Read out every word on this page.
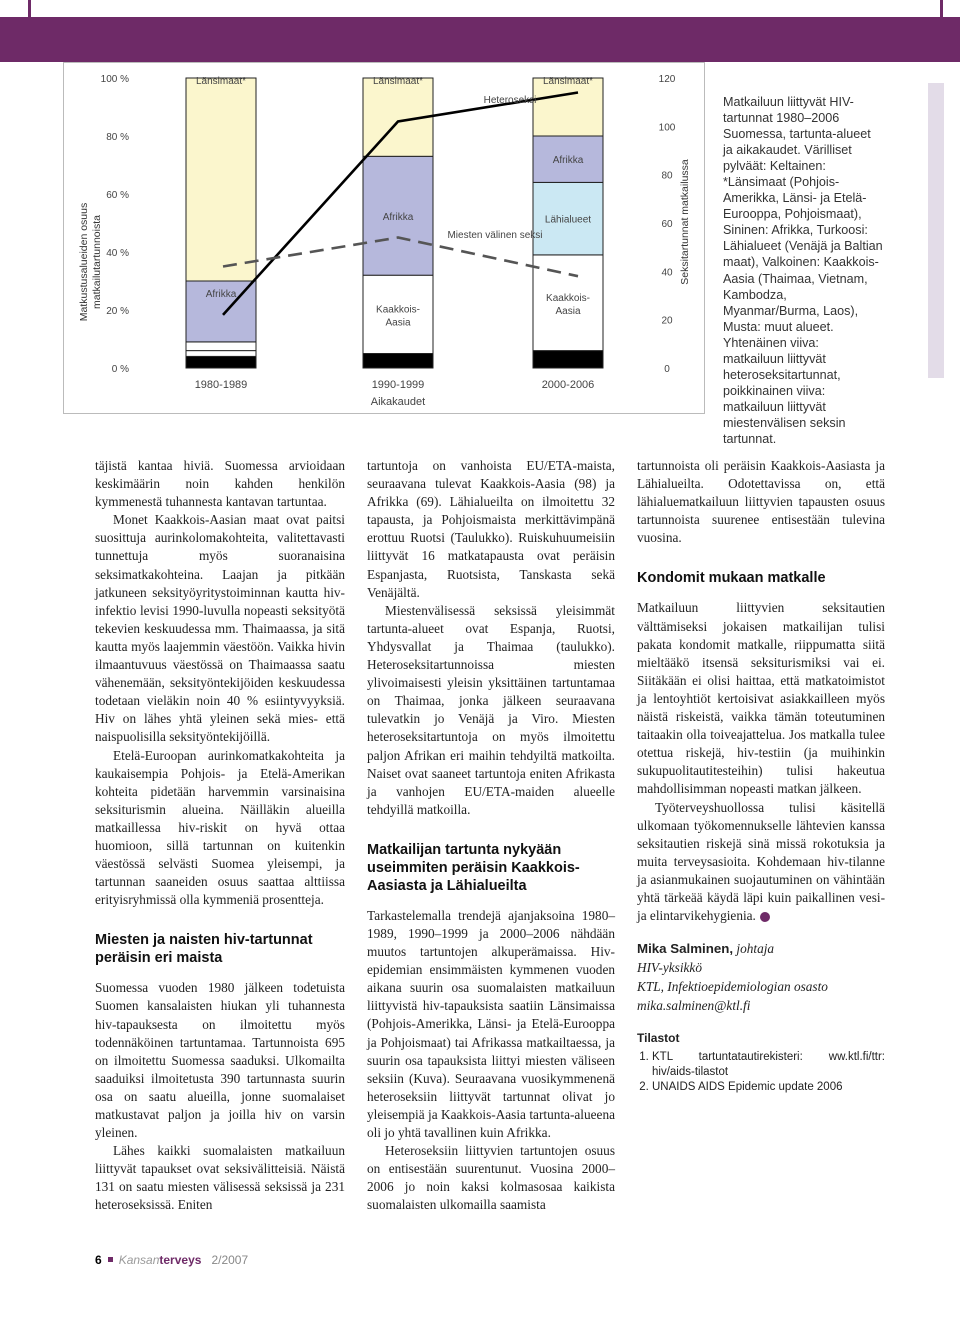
0 %
20 %
40 %
60 %
80 %
100 %
0
20
40
60
80
100
120
Matkustusalueiden osuus matkailutartunnoista	Seksitartunnat matkailussa
Afrikka
Länsimaat*
Kaakkois-
Aasia
Afrikka
Länsimaat*
Kaakkois-
Aasia
Lähialueet
Afrikka
Länsimaat*
1980-1989	1990-1999	2000-2006
Aikakaudet
Heteroseksi
Miesten välinen seksi
Matkailuun liittyvät HIV-tartunnat 1980–2006 Suomessa, tartunta-alueet ja aikakaudet. Värilliset pylväät: Keltainen: *Länsimaat (Pohjois-Amerikka, Länsi- ja Etelä-Eurooppa, Pohjoismaat), Sininen: Afrikka, Turkoosi: Lähialueet (Venäjä ja Baltian maat), Valkoinen: Kaakkois-Aasia (Thaimaa, Vietnam, Kambodza, Myanmar/Burma, Laos), Musta: muut alueet. Yhtenäinen viiva: matkailuun liittyvät heteroseksitartunnat, poikkinainen viiva: matkailuun liittyvät miestenvälisen seksin tartunnat.

täjistä kantaa hiviä. Suomessa arvioidaan keskimäärin noin kahden henkilön kymmenestä tuhannesta kantavan tartuntaa.

Monet Kaakkois-Aasian maat ovat paitsi suosittuja aurinkolomakohteita, valitettavasti tunnettuja myös suoranaisina seksimatkakohteina. Laajan ja pitkään jatkuneen seksityöyritystoiminnan kautta hiv-infektio levisi 1990-luvulla nopeasti seksityötä tekevien keskuudessa mm. Thaimaassa, ja sitä kautta myös laajemmin väestöön. Vaikka hivin ilmaantuvuus väestössä on Thaimaassa saatu vähenemään, seksityöntekijöiden keskuudessa todetaan vieläkin noin 40 % esiintyvyyksiä. Hiv on lähes yhtä yleinen sekä mies- että naispuolisilla seksityöntekijöillä.

Etelä-Euroopan aurinkomatkakohteita ja kaukaisempia Pohjois- ja Etelä-Amerikan kohteita pidetään harvemmin varsinaisina seksiturismin alueina. Näilläkin alueilla matkaillessa hiv-riskit on hyvä ottaa huomioon, sillä tartunnan on kuitenkin väestössä selvästi Suomea yleisempi, ja tartunnan saaneiden osuus saattaa alttiissa erityisryhmissä olla kymmeniä prosentteja.

Miesten ja naisten hiv-tartunnat peräisin eri maista

Suomessa vuoden 1980 jälkeen todetuista Suomen kansalaisten hiukan yli tuhannesta hiv-tapauksesta on ilmoitettu myös todennäköinen tartuntamaa. Tartunnoista 695 on ilmoitettu Suomessa saaduksi. Ulkomailta saaduiksi ilmoitetusta 390 tartunnasta suurin osa on saatu alueilla, jonne suomalaiset matkustavat paljon ja joilla hiv on varsin yleinen.

Lähes kaikki suomalaisten matkailuun liittyvät tapaukset ovat seksivälitteisiä. Näistä 131 on saatu miesten välisessä seksissä ja 231 heteroseksissä. Eniten

tartuntoja on vanhoista EU/ETA-maista, seuraavana tulevat Kaakkois-Aasia (98) ja Afrikka (69). Lähialueilta on ilmoitettu 32 tapausta, ja Pohjoismaista merkittävimpänä erottuu Ruotsi (Taulukko). Ruiskuhuumeisiin liittyvät 16 matkatapausta ovat peräisin Espanjasta, Ruotsista, Tanskasta sekä Venäjältä.

Miestenvälisessä seksissä yleisimmät tartunta-alueet ovat Espanja, Ruotsi, Yhdysvallat ja Thaimaa (taulukko). Heteroseksitartunnoissa miesten ylivoimaisesti yleisin yksittäinen tartuntamaa on Thaimaa, jonka jälkeen seuraavana tulevatkin jo Venäjä ja Viro. Miesten heteroseksitartuntoja on myös ilmoitettu paljon Afrikan eri maihin tehdyiltä matkoilta. Naiset ovat saaneet tartuntoja eniten Afrikasta ja vanhojen EU/ETA-maiden alueelle tehdyillä matkoilla.

Matkailijan tartunta nykyään useimmiten peräisin Kaakkois-Aasiasta ja Lähialueilta

Tarkastelemalla trendejä ajanjaksoina 1980–1989, 1990–1999 ja 2000–2006 nähdään muutos tartuntojen alkuperämaissa. Hiv-epidemian ensimmäisten kymmenen vuoden aikana suurin osa suomalaisten matkailuun liittyvistä hiv-tapauksista saatiin Länsimaissa (Pohjois-Amerikka, Länsi- ja Etelä-Eurooppa ja Pohjoismaat) tai Afrikassa matkailtaessa, ja suurin osa tapauksista liittyi miesten väliseen seksiin (Kuva). Seuraavana vuosikymmenenä heteroseksiin liittyvät tartunnat olivat jo yleisempiä ja Kaakkois-Aasia tartunta-alueena oli jo yhtä tavallinen kuin Afrikka.

Heteroseksiin liittyvien tartuntojen osuus on entisestään suurentunut. Vuosina 2000–2006 jo noin kaksi kolmasosaa kaikista suomalaisten ulkomailla saamista

tartunnoista oli peräisin Kaakkois-Aasiasta ja Lähialueilta. Odotettavissa on, että lähialuematkailuun liittyvien tapausten osuus tartunnoista suurenee entisestään tulevina vuosina.

Kondomit mukaan matkalle

Matkailuun liittyvien seksitautien välttämiseksi jokaisen matkailijan tulisi pakata kondomit matkalle, riippumatta siitä mieltääkö itsensä seksiturismiksi vai ei. Siitäkään ei olisi haittaa, että matkatoimistot ja lentoyhtiöt kertoisivat asiakkailleen myös näistä riskeistä, vaikka tämän toteutuminen taitaakin olla toiveajattelua. Jos matkalla tulee otettua riskejä, hiv-testiin (ja muihinkin sukupuolitautitesteihin) tulisi hakeutua mahdollisimman nopeasti matkan jälkeen.

Työterveyshuollossa tulisi käsitellä ulkomaan työkomennukselle lähtevien kanssa seksitautien riskejä sinä missä rokotuksia ja muita terveysasioita. Kohdemaan hiv-tilanne ja asianmukainen suojautuminen on vähintään yhtä tärkeää käydä läpi kuin paikallinen vesi- ja elintarvikehygienia.

Mika Salminen, johtaja
HIV-yksikkö
KTL, Infektioepidemiologian osasto
mika.salminen@ktl.fi
Tilastot
1. KTL tartuntatautirekisteri: ww.ktl.fi/ttr: hiv/aids-tilastot
2. UNAIDS AIDS Epidemic update 2006
6 Kansanterveys 2/2007
